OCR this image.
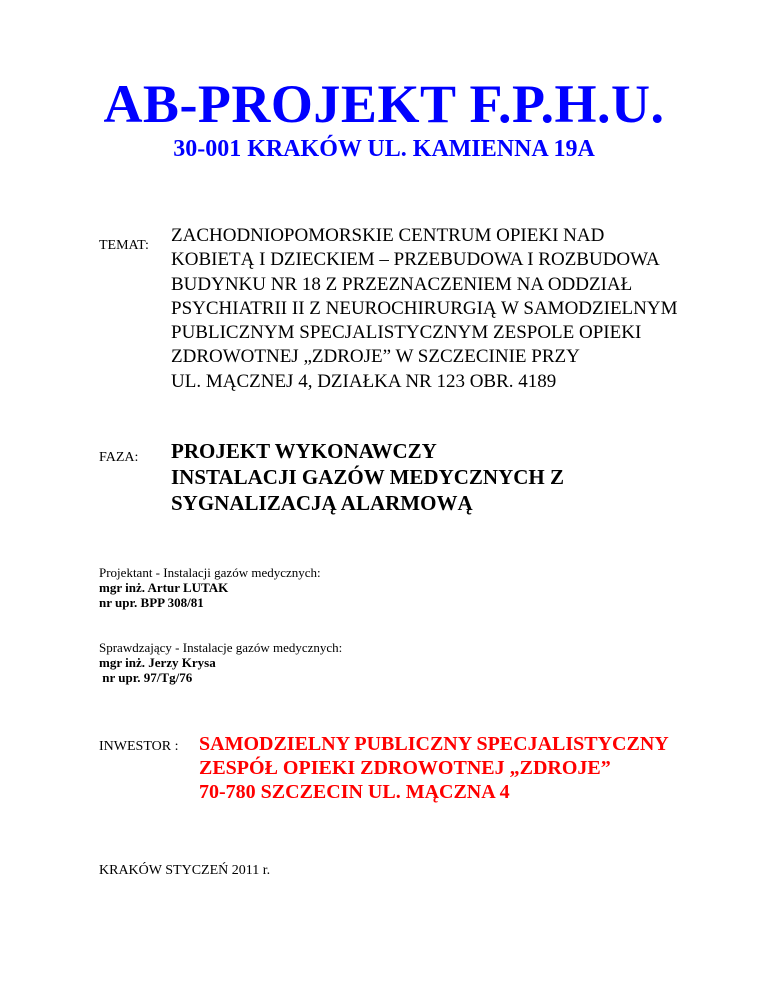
AB-PROJEKT F.P.H.U.
30-001 KRAKÓW UL. KAMIENNA 19A
TEMAT: ZACHODNIOPOMORSKIE CENTRUM OPIEKI NAD
KOBIETĄ I DZIECKIEM – PRZEBUDOWA I ROZBUDOWA
BUDYNKU NR 18 Z PRZEZNACZENIEM NA ODDZIAŁ
PSYCHIATRII II Z NEUROCHIRURGIĄ W SAMODZIELNYM
PUBLICZNYM SPECJALISTYCZNYM ZESPOLE OPIEKI
ZDROWOTNEJ „ZDROJE” W SZCZECINIE PRZY
UL. MĄCZNEJ 4, DZIAŁKA NR 123 OBR. 4189
FAZA: PROJEKT WYKONAWCZY
INSTALACJI GAZÓW MEDYCZNYCH Z
SYGNALIZACJĄ ALARMOWĄ
Projektant - Instalacji gazów medycznych:
mgr inż. Artur LUTAK
nr upr. BPP 308/81
Sprawdzający - Instalacje gazów medycznych:
mgr inż. Jerzy Krysa
nr upr. 97/Tg/76
INWESTOR : SAMODZIELNY PUBLICZNY SPECJALISTYCZNY
ZESPÓŁ OPIEKI ZDROWOTNEJ „ZDROJE”
70-780 SZCZECIN UL. MĄCZNA 4
KRAKÓW STYCZEŃ 2011 r.
